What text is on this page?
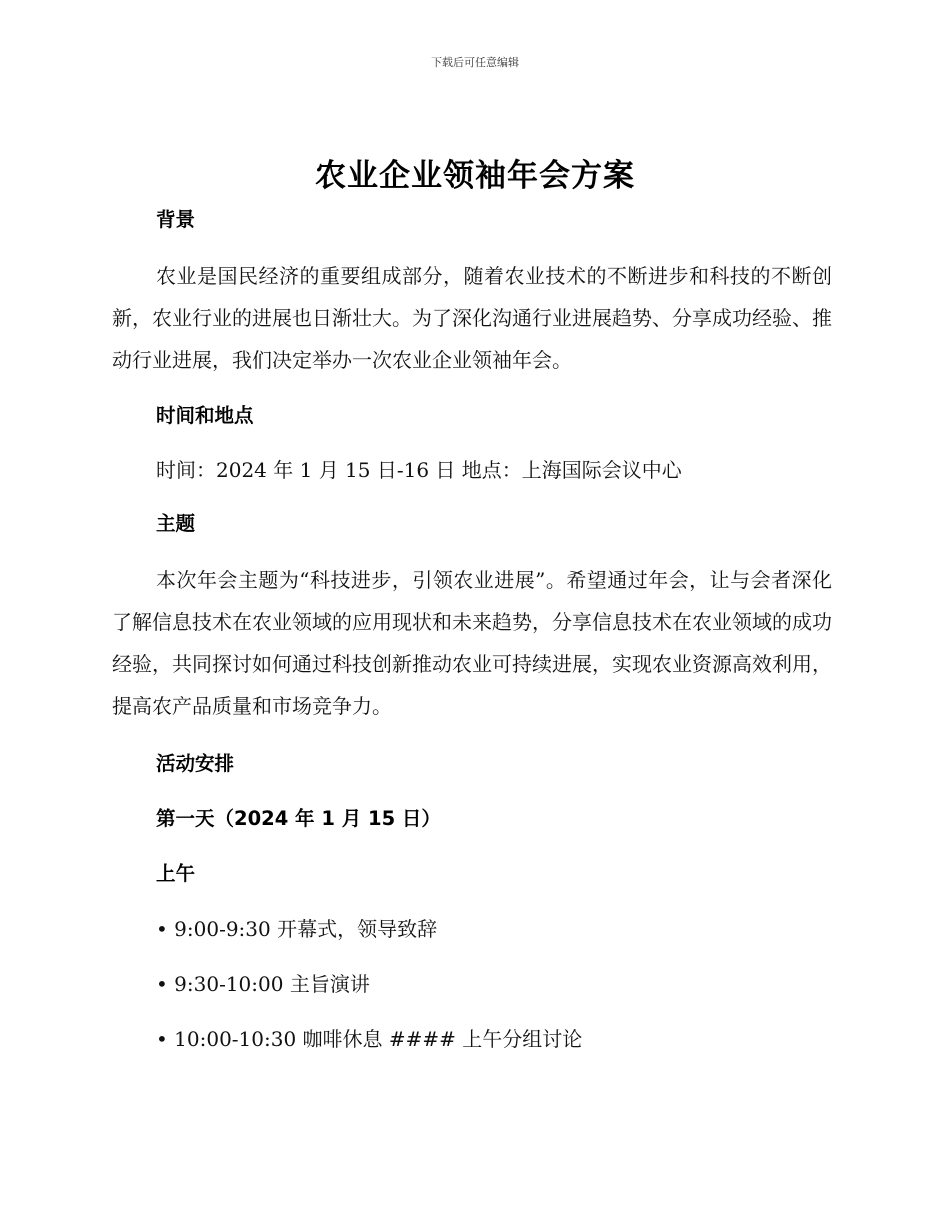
下载后可任意编辑
农业企业领袖年会方案
背景

农业是国民经济的重要组成部分，随着农业技术的不断进步和科技的不断创新，农业行业的进展也日渐壮大。为了深化沟通行业进展趋势、分享成功经验、推动行业进展，我们决定举办一次农业企业领袖年会。

时间和地点
时间：2024 年 1 月 15 日-16 日 地点：上海国际会议中心
主题

本次年会主题为“科技进步，引领农业进展”。希望通过年会，让与会者深化了解信息技术在农业领域的应用现状和未来趋势，分享信息技术在农业领域的成功经验，共同探讨如何通过科技创新推动农业可持续进展，实现农业资源高效利用，提高农产品质量和市场竞争力。

活动安排
第一天（2024 年 1 月 15 日）
上午
• 9:00-9:30 开幕式，领导致辞
• 9:30-10:00 主旨演讲
• 10:00-10:30 咖啡休息 #### 上午分组讨论
